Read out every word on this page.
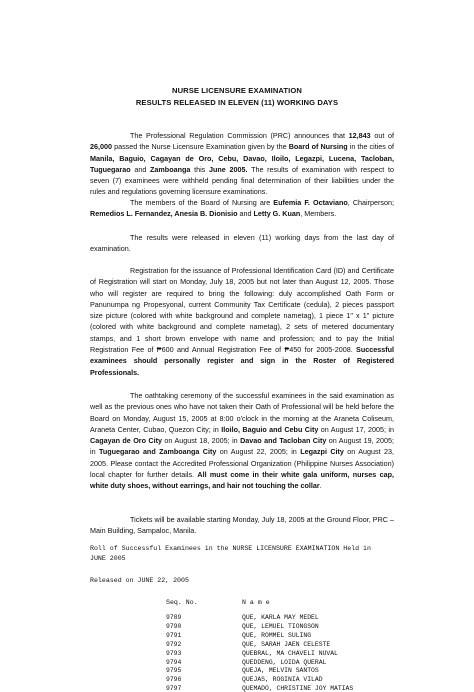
NURSE LICENSURE EXAMINATION
RESULTS RELEASED IN ELEVEN (11) WORKING DAYS

The Professional Regulation Commission (PRC) announces that 12,843 out of 26,000 passed the Nurse Licensure Examination given by the Board of Nursing in the cities of Manila, Baguio, Cagayan de Oro, Cebu, Davao, Iloilo, Legazpi, Lucena, Tacloban, Tuguegarao and Zamboanga this June 2005. The results of examination with respect to seven (7) examinees were withheld pending final determination of their liabilities under the rules and regulations governing licensure examinations.

The members of the Board of Nursing are Eufemia F. Octaviano, Chairperson; Remedios L. Fernandez, Anesia B. Dionisio and Letty G. Kuan, Members.

The results were released in eleven (11) working days from the last day of examination.

Registration for the issuance of Professional Identification Card (ID) and Certificate of Registration will start on Monday, July 18, 2005 but not later than August 12, 2005. Those who will register are required to bring the following: duly accomplished Oath Form or Panunumpa ng Propesyonal, current Community Tax Certificate (cedula), 2 pieces passport size picture (colored with white background and complete nametag), 1 piece 1" x 1" picture (colored with white background and complete nametag), 2 sets of metered documentary stamps, and 1 short brown envelope with name and profession; and to pay the Initial Registration Fee of ₱600 and Annual Registration Fee of ₱450 for 2005-2008. Successful examinees should personally register and sign in the Roster of Registered Professionals.

The oathtaking ceremony of the successful examinees in the said examination as well as the previous ones who have not taken their Oath of Professional will be held before the Board on Monday, August 15, 2005 at 8:00 o'clock in the morning at the Araneta Coliseum, Araneta Center, Cubao, Quezon City; in Iloilo, Baguio and Cebu City on August 17, 2005; in Cagayan de Oro City on August 18, 2005; in Davao and Tacloban City on August 19, 2005; in Tuguegarao and Zamboanga City on August 22, 2005; in Legazpi City on August 23, 2005. Please contact the Accredited Professional Organization (Philippine Nurses Association) local chapter for further details. All must come in their white gala uniform, nurses cap, white duty shoes, without earrings, and hair not touching the collar.

Tickets will be available starting Monday, July 18, 2005 at the Ground Floor, PRC – Main Building, Sampaloc, Manila.

Roll of Successful Examinees in the NURSE LICENSURE EXAMINATION Held in
JUNE 2005
Released on JUNE 22, 2005
Seq. No.	N a m e
9789	QUE, KARLA MAY MEDEL
9790	QUE, LEMUEL TIONGSON
9791	QUE, ROMMEL SULING
9792	QUE, SARAH JAEN CELESTE
9793	QUEBRAL, MA CHAVELI NUVAL
9794	QUEDDENG, LOIDA QUERAL
9795	QUEJA, MELVIN SANTOS
9796	QUEJAS, ROGINIA VILAD
9797	QUEMADO, CHRISTINE JOY MATIAS
